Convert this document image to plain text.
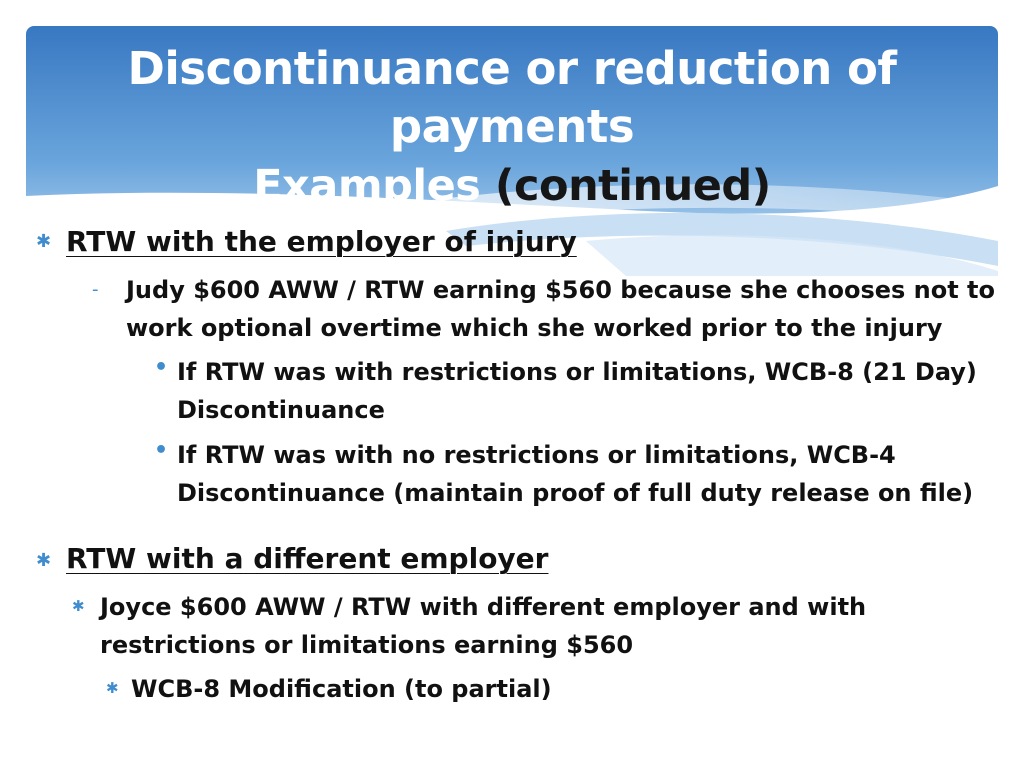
Discontinuance or reduction of payments
Examples (continued)
✱ RTW with the employer of injury
- Judy $600 AWW / RTW earning $560 because she chooses not to work optional overtime which she worked prior to the injury
• If RTW was with restrictions or limitations, WCB-8 (21 Day) Discontinuance
• If RTW was with no restrictions or limitations, WCB-4 Discontinuance (maintain proof of full duty release on file)
✱ RTW with a different employer
✱ Joyce $600 AWW / RTW with different employer and with restrictions or limitations earning $560
✱ WCB-8 Modification (to partial)
